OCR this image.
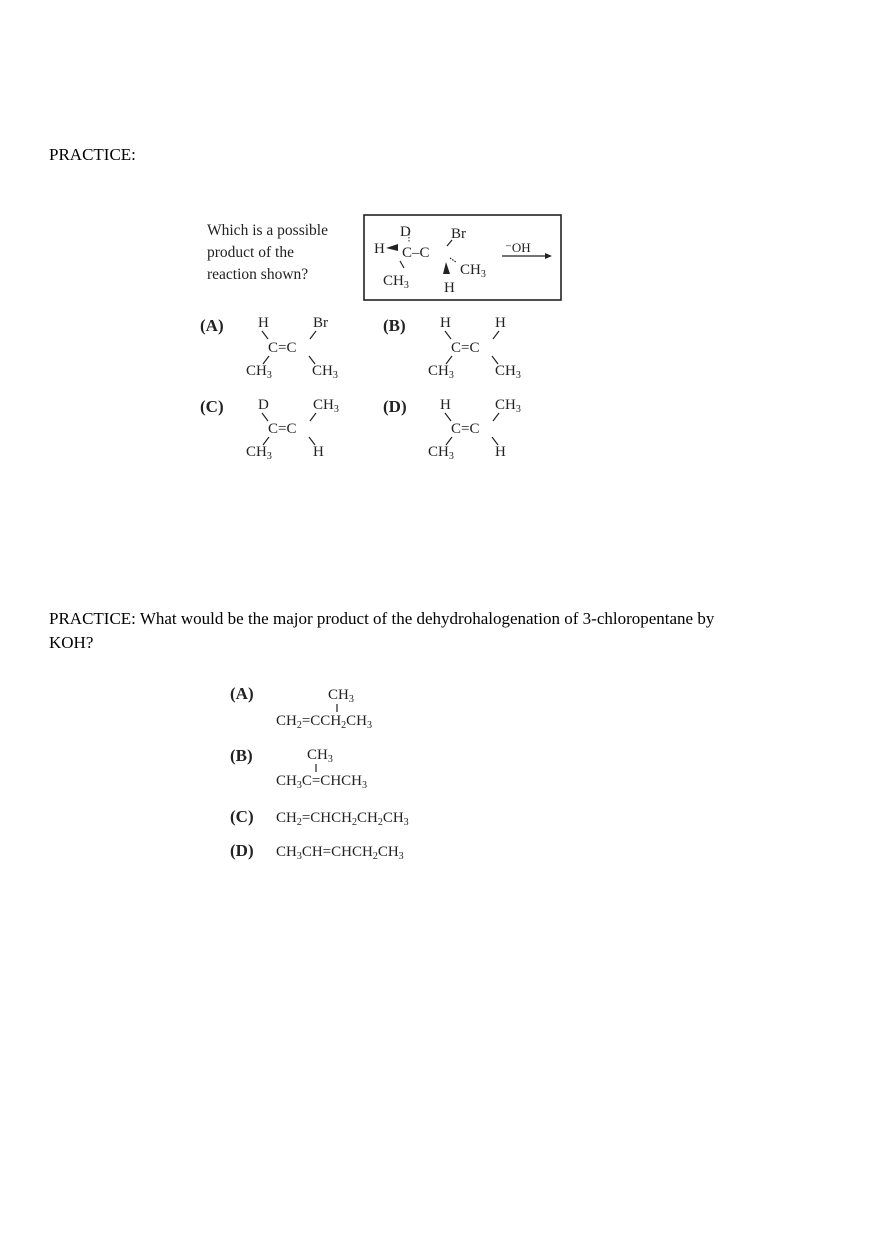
PRACTICE:

Which is a possible
product of the
reaction shown?
D	Br
H C–C
$CH_3$
$CH_3$ H
⁻OH
(A) H	Br
C=C
$CH_3$	$CH_3$
(B) H	H
C=C
$CH_3$	$CH_3$
(C) D	$CH_3$
C=C
$CH_3$	H
(D) H	$CH_3$
C=C
$CH_3$	H
(A)	$CH_3$
$CH_2=CCH_2CH_3$
(B)	$CH_3$
$CH_3C=CHCH_3$
(C) $CH_2=CHCH_2CH_2CH_3$
(D) $CH_3CH=CHCH_2CH_3$

PRACTICE: What would be the major product of the dehydrohalogenation of 3-chloropentane by
KOH?
